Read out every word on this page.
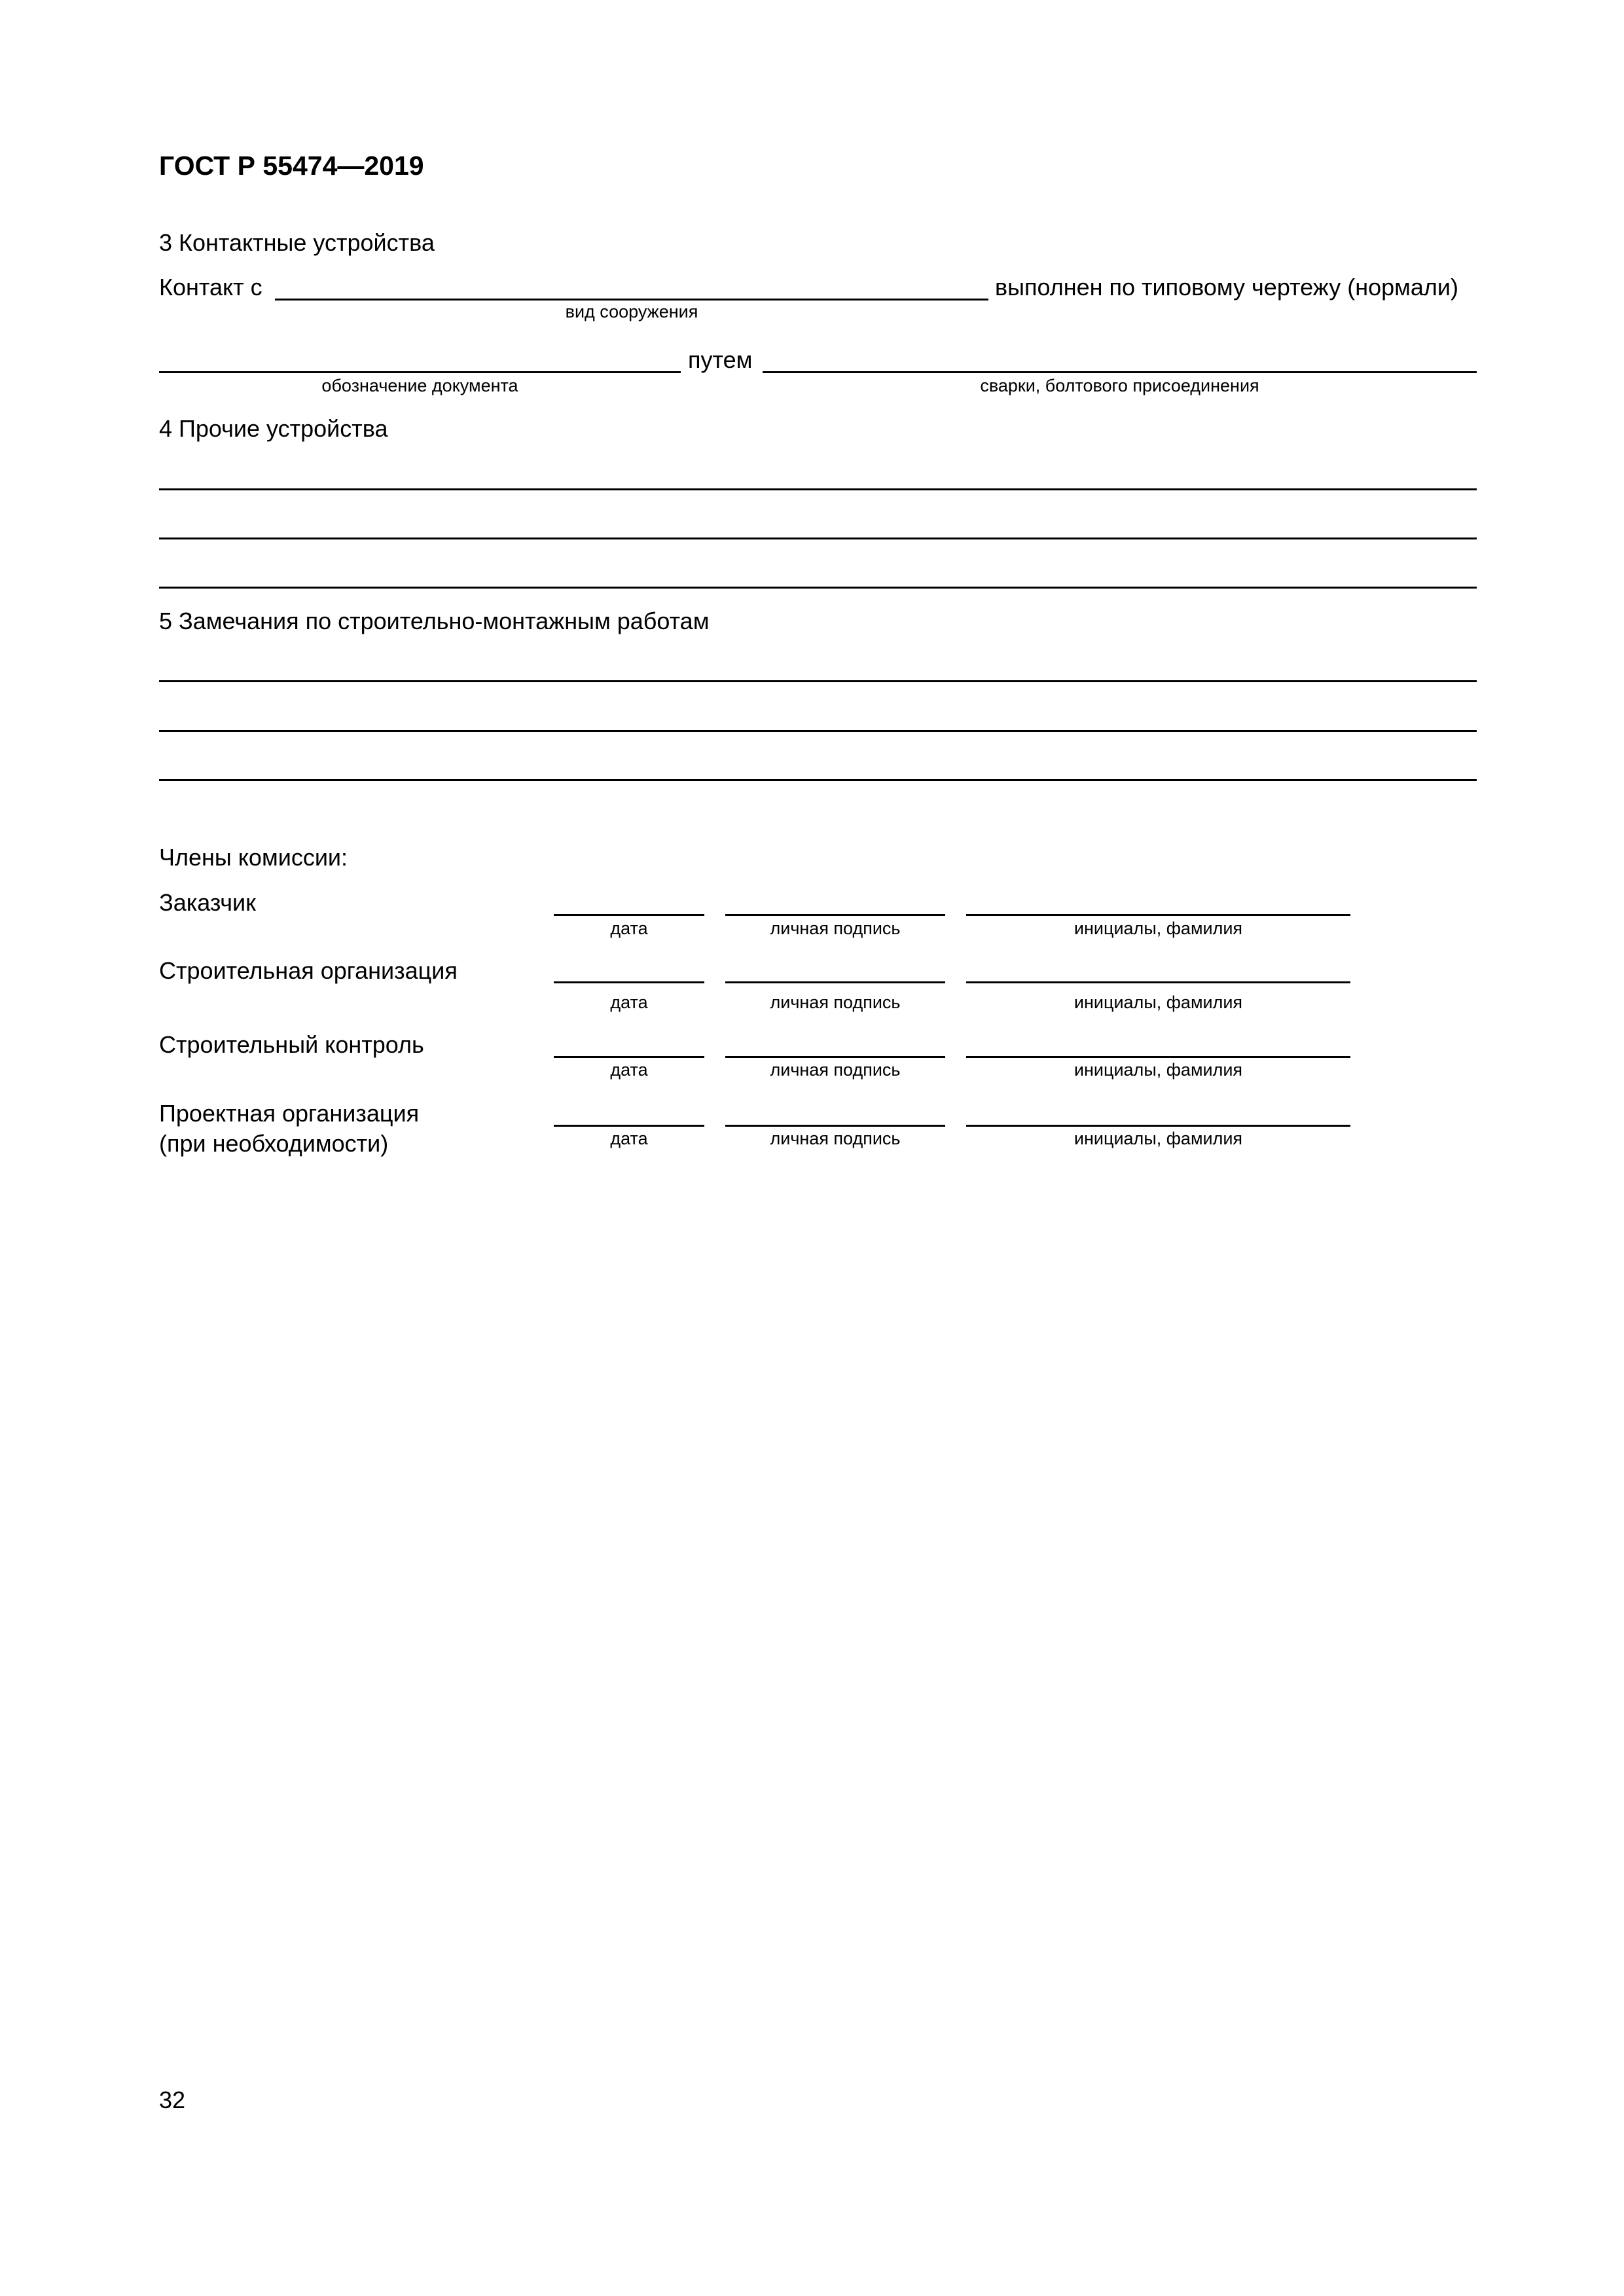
ГОСТ Р 55474—2019
3 Контактные устройства
Контакт с	выполнен по типовому чертежу (нормали)
вид сооружения
путем
обозначение документа	сварки, болтового присоединения
4 Прочие устройства
5 Замечания по строительно-монтажным работам
Члены комиссии:
Заказчик
дата	личная подпись	инициалы, фамилия
Строительная организация
дата	личная подпись	инициалы, фамилия
Строительный контроль
дата	личная подпись	инициалы, фамилия
Проектная организация
(при необходимости)	дата	личная подпись	инициалы, фамилия
32
